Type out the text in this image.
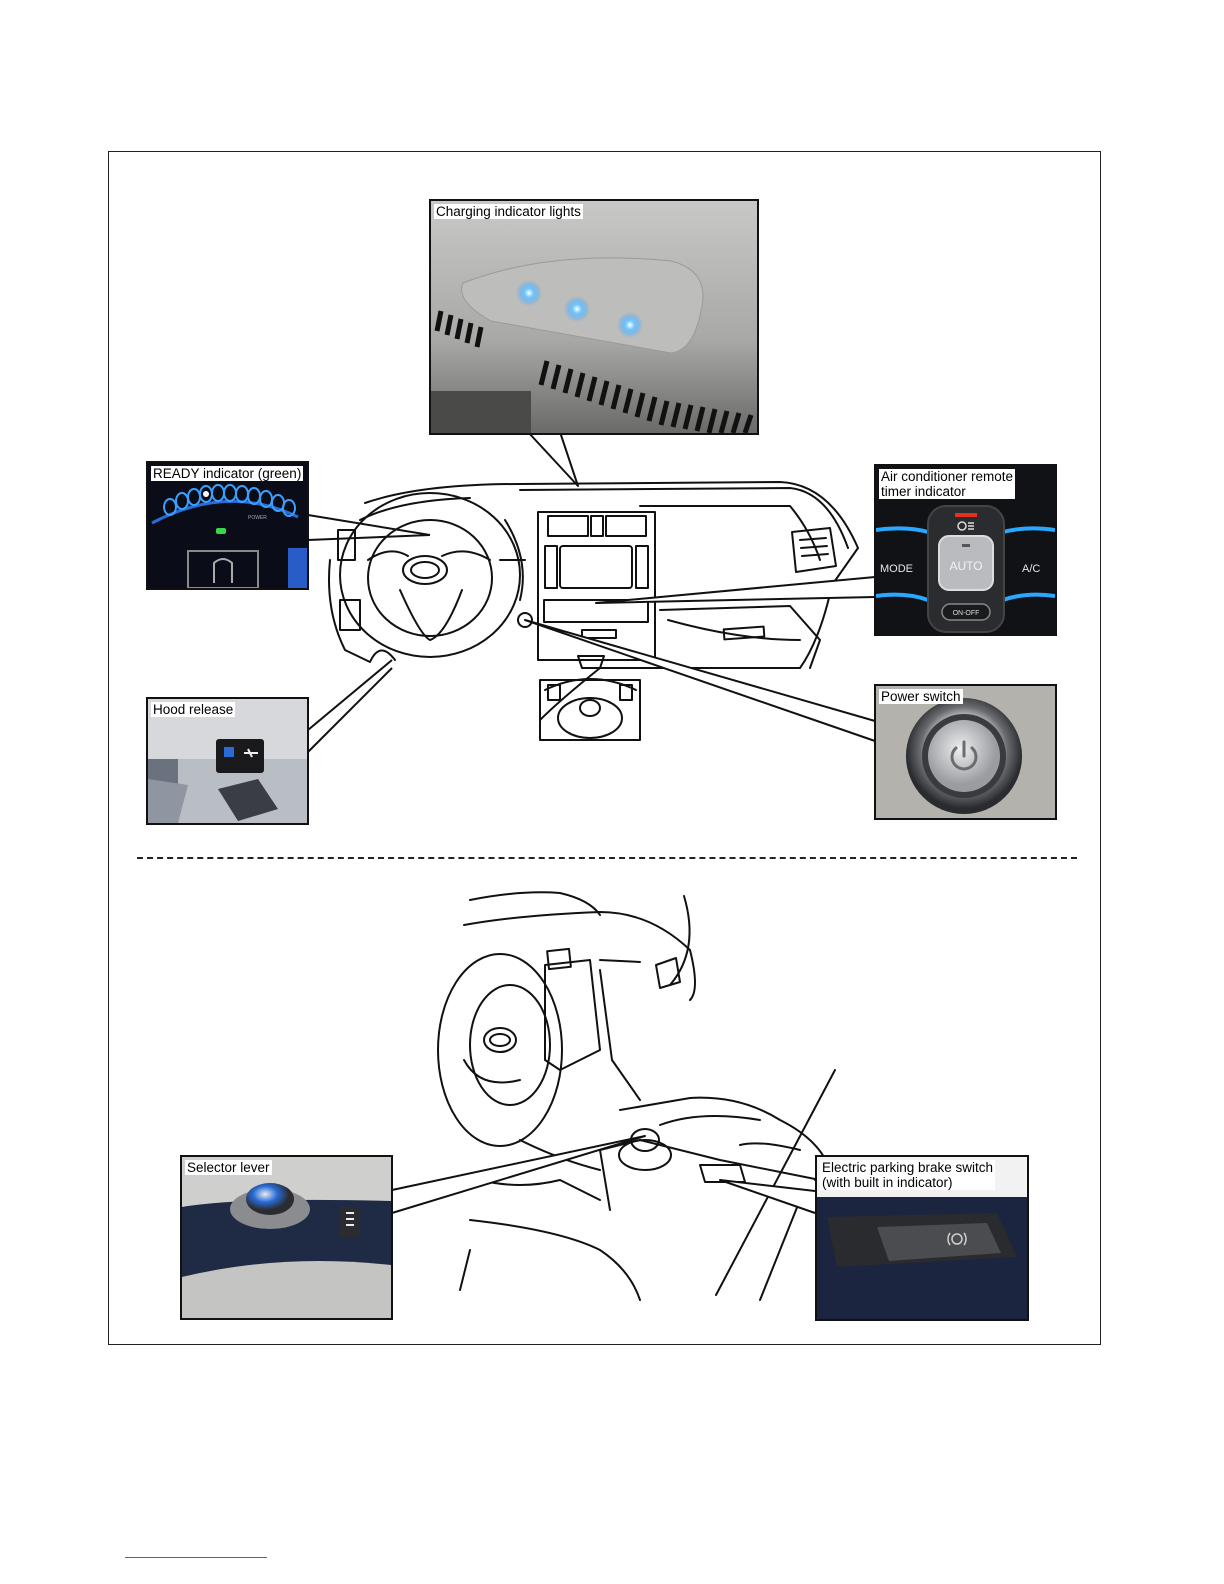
Charging indicator lights
POWER
READY indicator (green)
AUTO
ON-OFF
MODE	A/C
Air conditioner remote
timer indicator
Hood release
Power switch
Selector lever	Electric parking brake switch
(with built in indicator)
